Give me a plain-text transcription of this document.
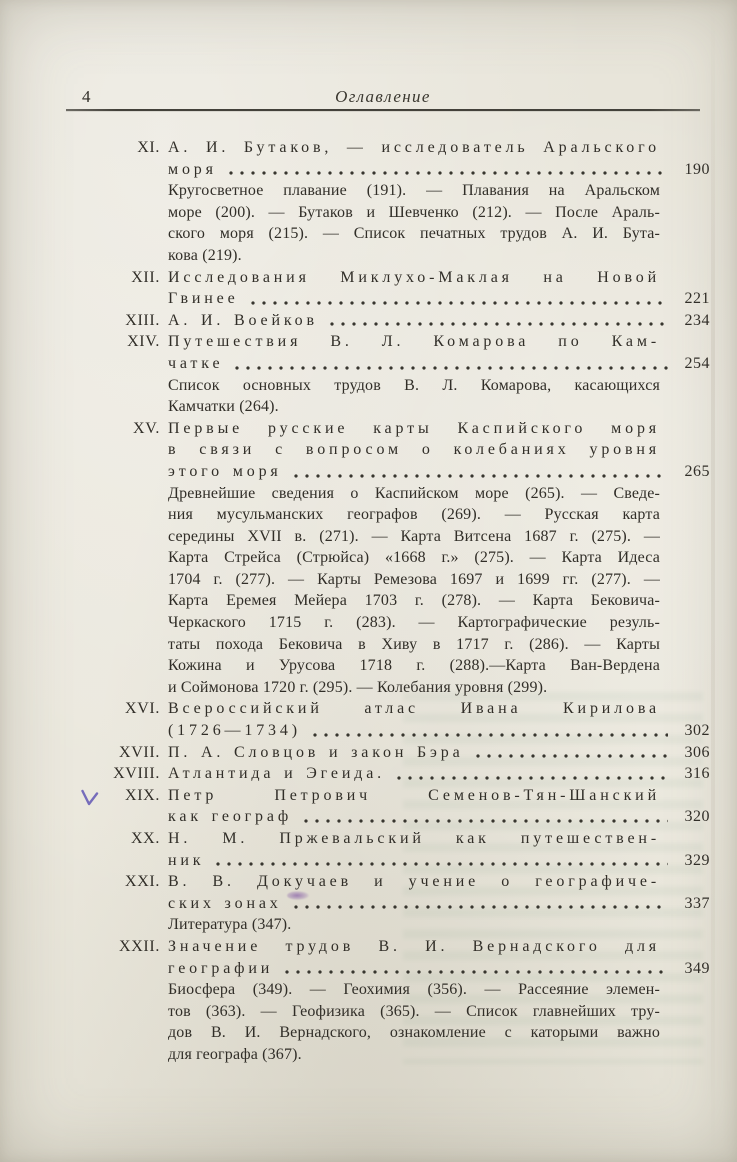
4	Оглавление
XI. А. И. Бутаков, — исследователь Аральского
моря	190
Кругосветное плавание (191). — Плавания на Аральском
море (200). — Бутаков и Шевченко (212). — После Араль-
ского моря (215). — Список печатных трудов А. И. Бута-
кова (219).
XII. Исследования Миклухо-Маклая на Новой
Гвинее	221
XIII. А. И. Воейков	234
XIV. Путешествия В. Л. Комарова по Кам-
чатке	254
Список основных трудов В. Л. Комарова, касающихся
Камчатки (264).
XV. Первые русские карты Каспийского моря
в связи с вопросом о колебаниях уровня
этого моря	265
Древнейшие сведения о Каспийском море (265). — Сведе-
ния мусульманских географов (269). — Русская карта
середины XVII в. (271). — Карта Витсена 1687 г. (275). —
Карта Стрейса (Стрюйса) «1668 г.» (275). — Карта Идеса
1704 г. (277). — Карты Ремезова 1697 и 1699 гг. (277). —
Карта Еремея Мейера 1703 г. (278). — Карта Бековича-
Черкаского 1715 г. (283). — Картографические резуль-
таты похода Бековича в Хиву в 1717 г. (286). — Карты
Кожина и Урусова 1718 г. (288).—Карта Ван-Вердена
и Соймонова 1720 г. (295). — Колебания уровня (299).
XVI. Всероссийский атлас Ивана Кирилова
(1726—1734)	302
XVII. П. А. Словцов и закон Бэра	306
XVIII. Атлантида и Эгеида.	316
XIX. Петр Петрович Семенов-Тян-Шанский
как географ	320
XX. Н. М. Пржевальский как путешествен-
ник	329
XXI. В. В. Докучаев и учение о географиче-
ских зонах	337
Литература (347).
XXII. Значение трудов В. И. Вернадского для
географии	349
Биосфера (349). — Геохимия (356). — Рассеяние элемен-
тов (363). — Геофизика (365). — Список главнейших тру-
дов В. И. Вернадского, ознакомление с каторыми важно
для географа (367).
